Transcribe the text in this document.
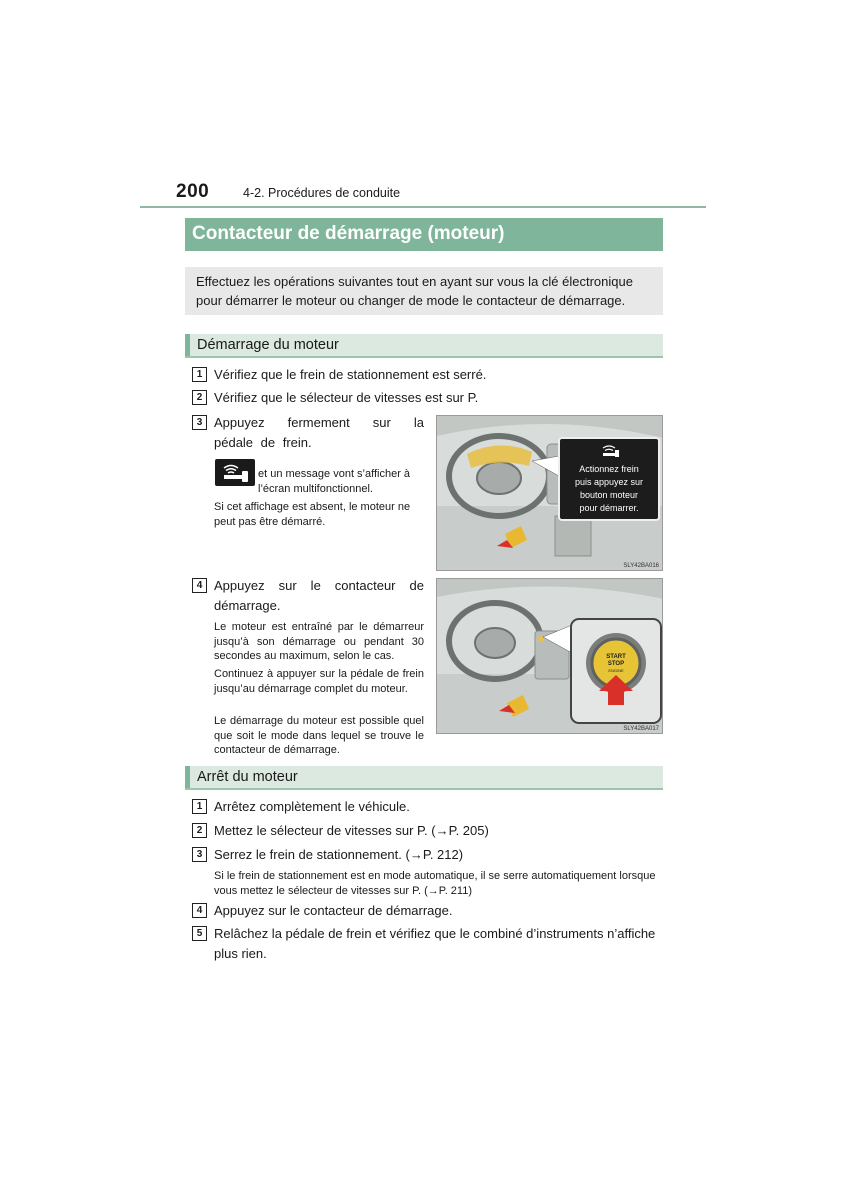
200	4-2. Procédures de conduite
Contacteur de démarrage (moteur)
Effectuez les opérations suivantes tout en ayant sur vous la clé électronique pour démarrer le moteur ou changer de mode le contacteur de démarrage.
Démarrage du moteur
1 Vérifiez que le frein de stationnement est serré.
2 Vérifiez que le sélecteur de vitesses est sur P.
3 Appuyez fermement sur la pédale de frein.
et un message vont s’afficher à l’écran multifonctionnel.
Si cet affichage est absent, le moteur ne peut pas être démarré.
Actionnez frein
puis appuyez sur
bouton moteur
pour démarrer.
SLY42BA016
4 Appuyez sur le contacteur de démarrage.
Le moteur est entraîné par le démarreur jusqu’à son démarrage ou pendant 30 secondes au maximum, selon le cas.
Continuez à appuyer sur la pédale de frein jusqu’au démarrage complet du moteur.
Le démarrage du moteur est possible quel que soit le mode dans lequel se trouve le contacteur de démarrage.
START
STOP
ENGINE
SLY42BA017
Arrêt du moteur
1 Arrêtez complètement le véhicule.
2 Mettez le sélecteur de vitesses sur P. (→P. 205)
3 Serrez le frein de stationnement. (→P. 212)
Si le frein de stationnement est en mode automatique, il se serre automatiquement lorsque vous mettez le sélecteur de vitesses sur P. (→P. 211)
4 Appuyez sur le contacteur de démarrage.
5 Relâchez la pédale de frein et vérifiez que le combiné d’instruments n’affiche plus rien.
